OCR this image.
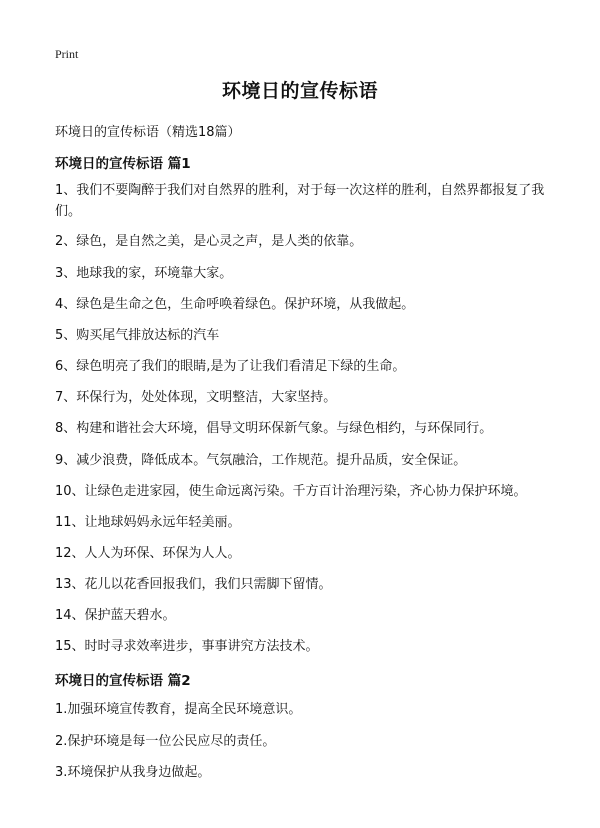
Print
环境日的宣传标语
环境日的宣传标语（精选18篇）
环境日的宣传标语 篇1
1、我们不要陶醉于我们对自然界的胜利，对于每一次这样的胜利，自然界都报复了我们。
2、绿色，是自然之美，是心灵之声，是人类的依靠。
3、地球我的家，环境靠大家。
4、绿色是生命之色，生命呼唤着绿色。保护环境，从我做起。
5、购买尾气排放达标的汽车
6、绿色明亮了我们的眼睛,是为了让我们看清足下绿的生命。
7、环保行为，处处体现，文明整洁，大家坚持。
8、构建和谐社会大环境，倡导文明环保新气象。与绿色相约，与环保同行。
9、减少浪费，降低成本。气氛融洽，工作规范。提升品质，安全保证。
10、让绿色走进家园，使生命远离污染。千方百计治理污染，齐心协力保护环境。
11、让地球妈妈永远年轻美丽。
12、人人为环保、环保为人人。
13、花儿以花香回报我们，我们只需脚下留情。
14、保护蓝天碧水。
15、时时寻求效率进步，事事讲究方法技术。
环境日的宣传标语 篇2
1.加强环境宣传教育，提高全民环境意识。
2.保护环境是每一位公民应尽的责任。
3.环境保护从我身边做起。
